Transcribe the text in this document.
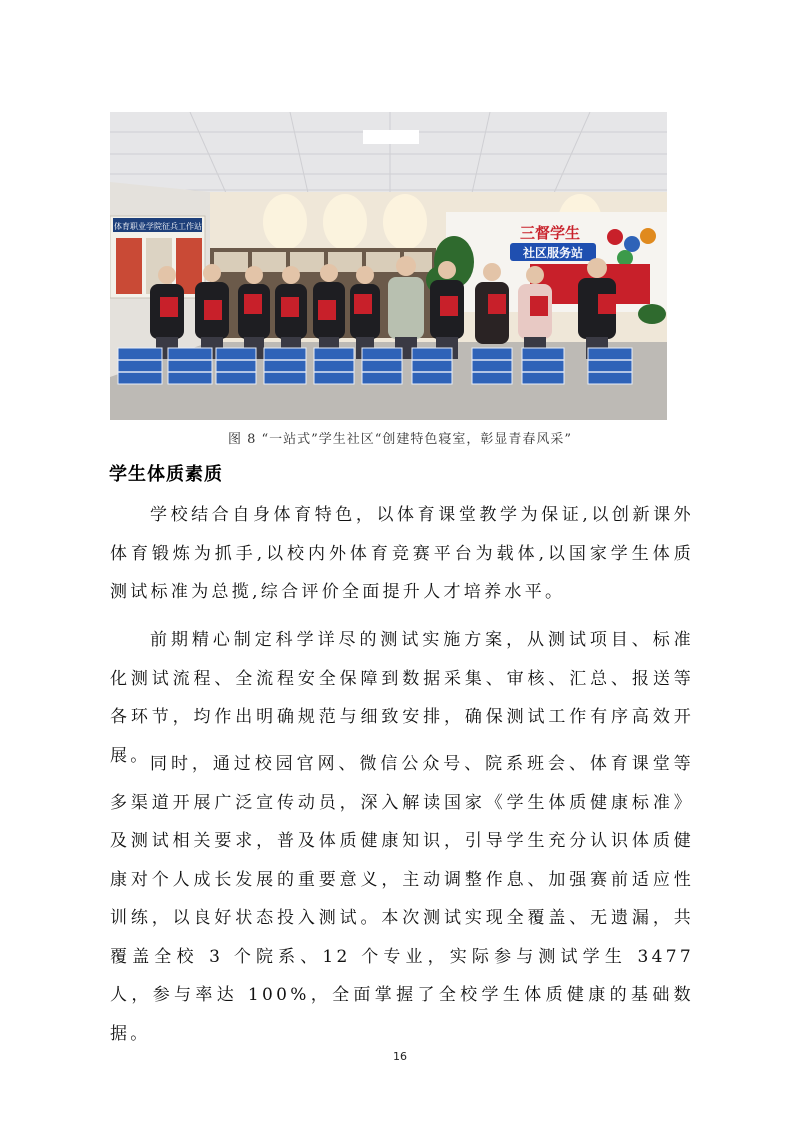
体育职业学院征兵工作站	三督学生
社区服务站
图 8 “一站式”学生社区“创建特色寝室，彰显青春风采”
学生体质素质

学校结合自身体育特色，以体育课堂教学为保证,以创新课外体育锻炼为抓手,以校内外体育竞赛平台为载体,以国家学生体质测试标准为总揽,综合评价全面提升人才培养水平。

前期精心制定科学详尽的测试实施方案，从测试项目、标准化测试流程、全流程安全保障到数据采集、审核、汇总、报送等各环节，均作出明确规范与细致安排，确保测试工作有序高效开展。 同时，通过校园官网、微信公众号、院系班会、体育课堂等多渠道开展广泛宣传动员，深入解读国家《学生体质健康标准》及测试相关要求，普及体质健康知识，引导学生充分认识体质健康对个人成长发展的重要意义，主动调整作息、加强赛前适应性训练，以良好状态投入测试。本次测试实现全覆盖、无遗漏，共覆盖全校 3 个院系、12 个专业，实际参与测试学生 3477 人，参与率达 100%，全面掌握了全校学生体质健康的基础数据。

16
